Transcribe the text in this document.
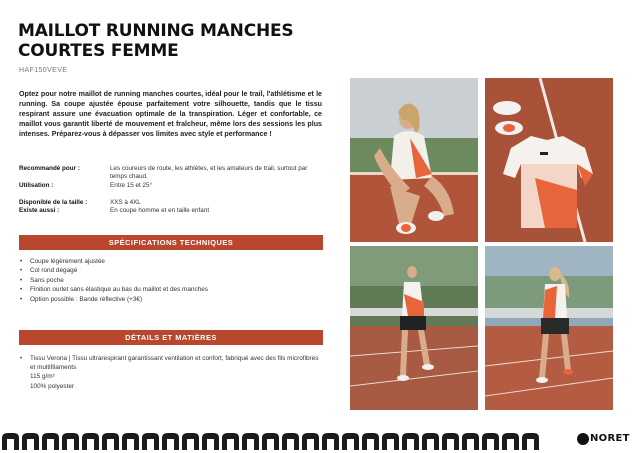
MAILLOT RUNNING MANCHES COURTES FEMME
HAF150VEVE
Optez pour notre maillot de running manches courtes, idéal pour le trail, l'athlétisme et le running. Sa coupe ajustée épouse parfaitement votre silhouette, tandis que le tissu respirant assure une évacuation optimale de la transpiration. Léger et confortable, ce maillot vous garantit liberté de mouvement et fraîcheur, même lors des sessions les plus intenses. Préparez-vous à dépasser vos limites avec style et performance !
Recommandé pour :	Les coureurs de route, les athlètes, et les amateurs de trail, surtout par temps chaud.
Utilisation :	Entre 15 et 25°
Disponible de la taille :	XXS à 4XL
Existe aussi :	En coupe homme et en taille enfant
SPÉCIFICATIONS TECHNIQUES
• Coupe légèrement ajustée
• Col rond dégagé
• Sans poche
• Finition ourlet sans élastique au bas du maillot et des manches
• Option possible : Bande réflective (+3€)
DÉTAILS ET MATIÈRES
• Tissu Verona | Tissu ultrarespirant garantissant ventilation et confort, fabriqué avec des fils microfibres et multifilaments
115 g/m²
100% polyester
NORET
